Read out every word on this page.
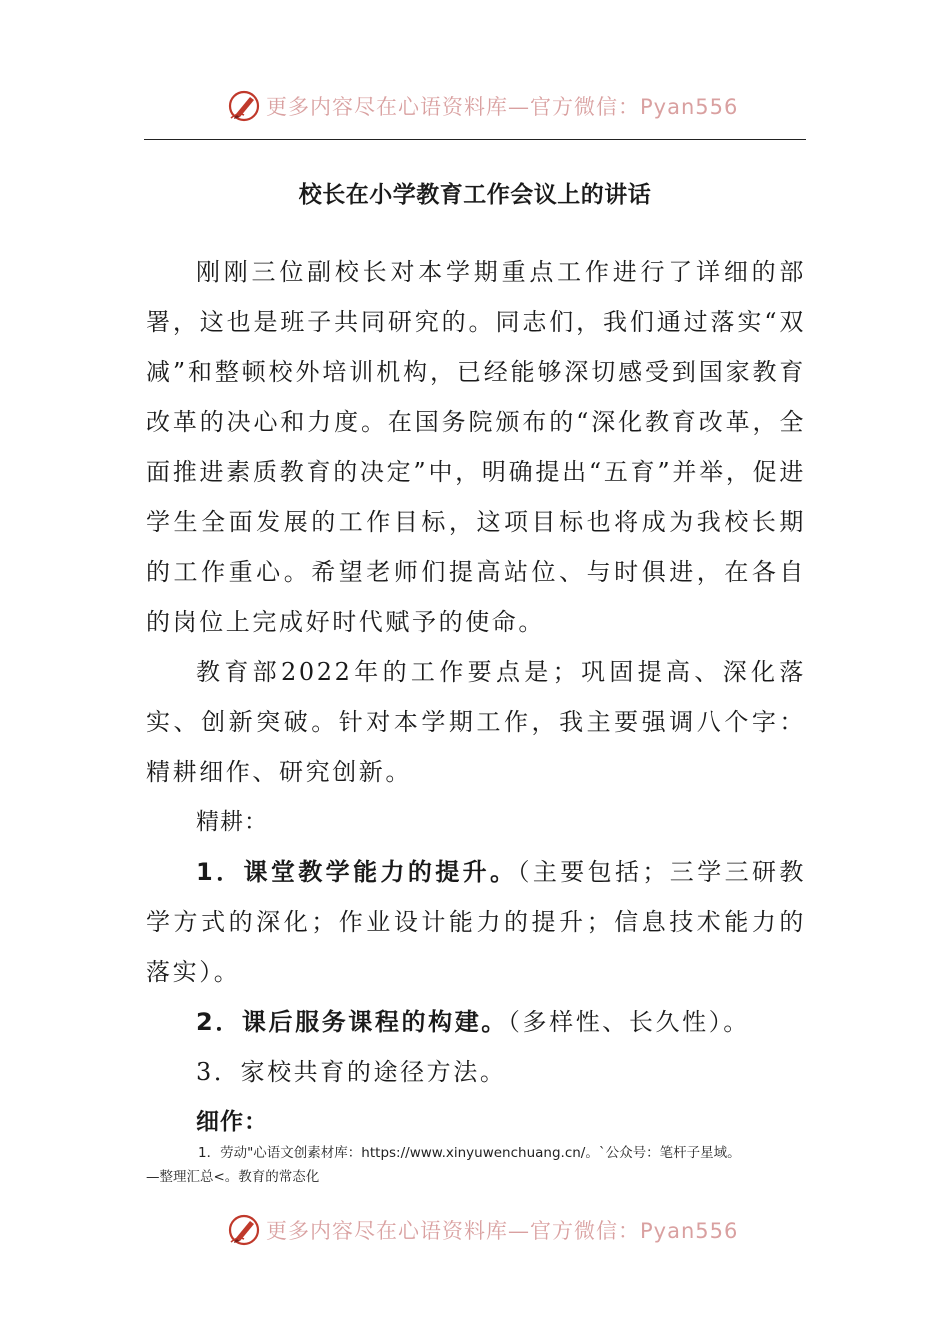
更多内容尽在心语资料库—官方微信：Pyan556
校长在小学教育工作会议上的讲话

刚刚三位副校长对本学期重点工作进行了详细的部署，这也是班子共同研究的。同志们，我们通过落实“双减”和整顿校外培训机构，已经能够深切感受到国家教育改革的决心和力度。在国务院颁布的“深化教育改革，全面推进素质教育的决定”中，明确提出“五育”并举，促进学生全面发展的工作目标，这项目标也将成为我校长期的工作重心。希望老师们提高站位、与时俱进，在各自的岗位上完成好时代赋予的使命。

教育部2022年的工作要点是；巩固提高、深化落实、创新突破。针对本学期工作，我主要强调八个字：精耕细作、研究创新。

精耕：

1．课堂教学能力的提升。（主要包括；三学三研教学方式的深化；作业设计能力的提升；信息技术能力的落实）。

2．课后服务课程的构建。（多样性、长久性）。

3．家校共育的途径方法。

细作：

1．劳动"心语文创素材库：https://www.xinyuwenchuang.cn/。`公众号：笔杆子星域。
—整理汇总<。教育的常态化
更多内容尽在心语资料库—官方微信：Pyan556
